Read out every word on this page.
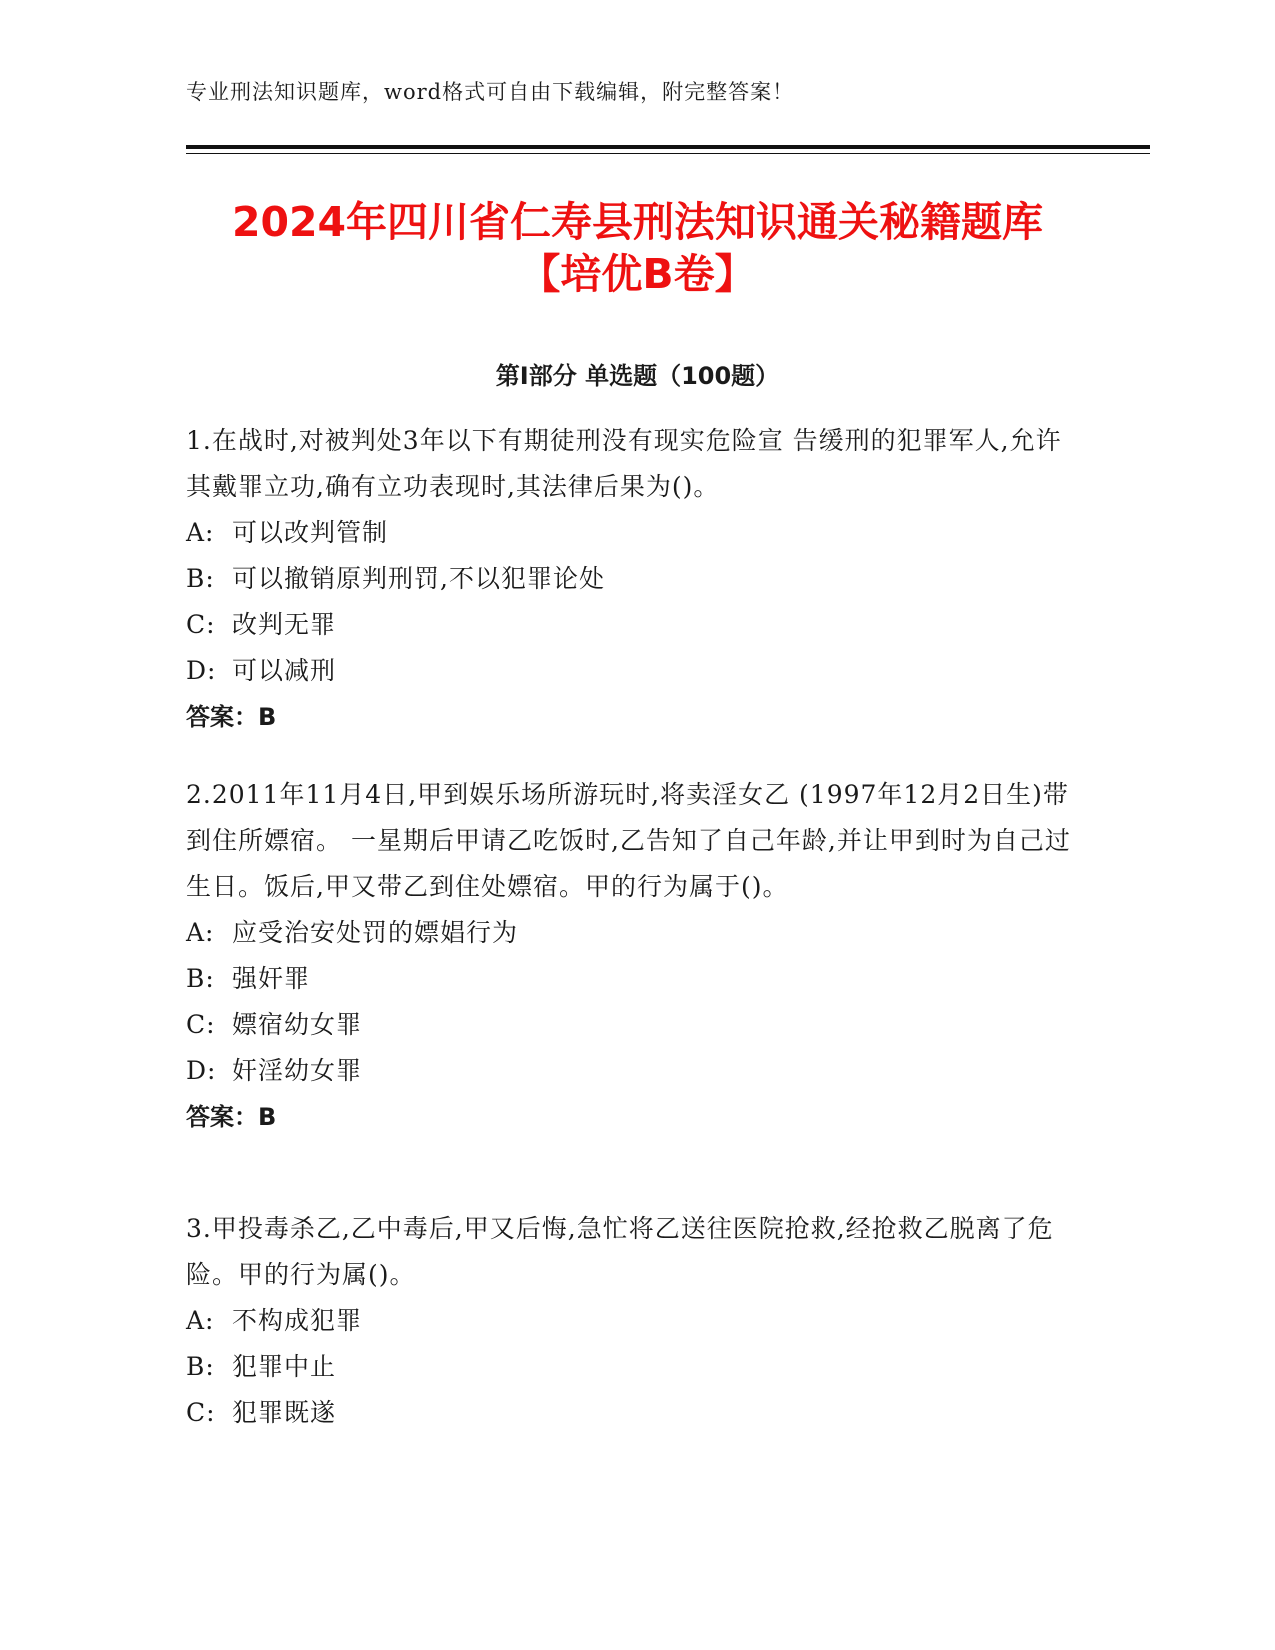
专业刑法知识题库，word格式可自由下载编辑，附完整答案！
2024年四川省仁寿县刑法知识通关秘籍题库
【培优B卷】
第Ⅰ部分 单选题（100题）
1.在战时,对被判处3年以下有期徒刑没有现实危险宣 告缓刑的犯罪军人,允许其戴罪立功,确有立功表现时,其法律后果为()。
A: 可以改判管制
B: 可以撤销原判刑罚,不以犯罪论处
C: 改判无罪
D: 可以减刑
答案：B
2.2011年11月4日,甲到娱乐场所游玩时,将卖淫女乙 (1997年12月2日生)带到住所嫖宿。 一星期后甲请乙吃饭时,乙告知了自己年龄,并让甲到时为自己过生日。饭后,甲又带乙到住处嫖宿。甲的行为属于()。
A: 应受治安处罚的嫖娼行为
B: 强奸罪
C: 嫖宿幼女罪
D: 奸淫幼女罪
答案：B
3.甲投毒杀乙,乙中毒后,甲又后悔,急忙将乙送往医院抢救,经抢救乙脱离了危险。甲的行为属()。
A: 不构成犯罪
B: 犯罪中止
C: 犯罪既遂
